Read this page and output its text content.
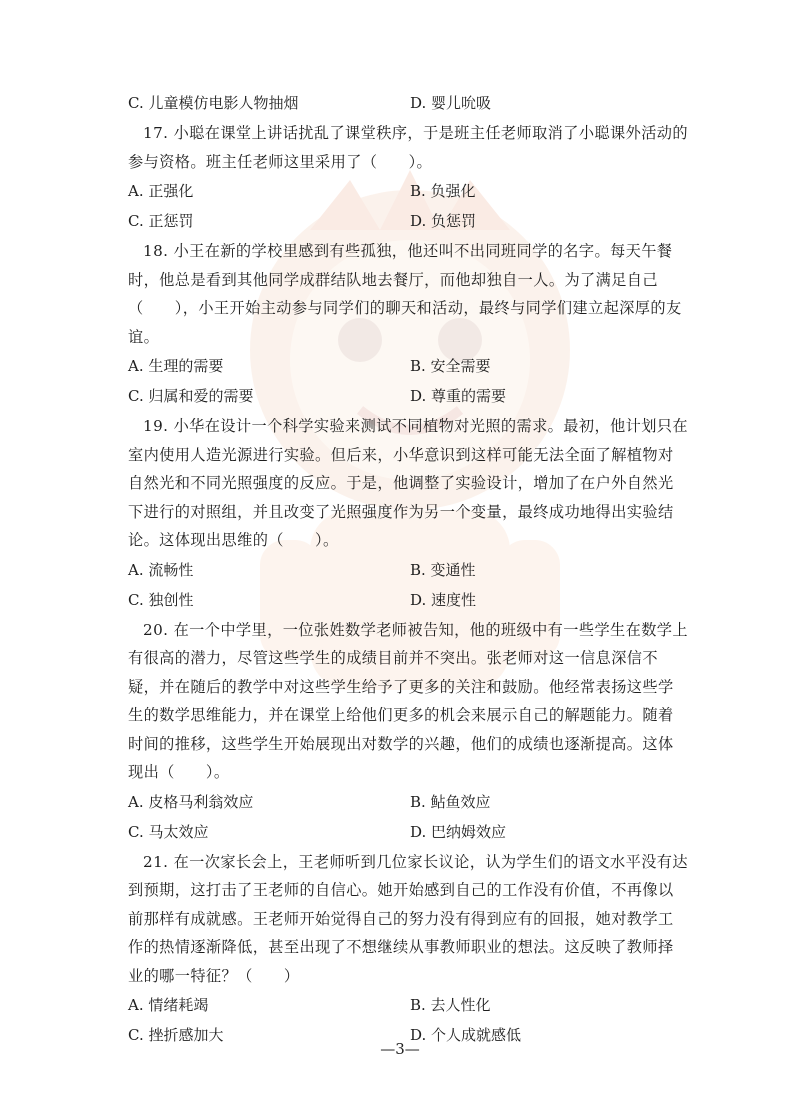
C. 儿童模仿电影人物抽烟	D. 婴儿吮吸
17. 小聪在课堂上讲话扰乱了课堂秩序，于是班主任老师取消了小聪课外活动的参与资格。班主任老师这里采用了（　　）。
A. 正强化	B. 负强化
C. 正惩罚	D. 负惩罚
18. 小王在新的学校里感到有些孤独，他还叫不出同班同学的名字。每天午餐时，他总是看到其他同学成群结队地去餐厅，而他却独自一人。为了满足自己（　　），小王开始主动参与同学们的聊天和活动，最终与同学们建立起深厚的友谊。
A. 生理的需要	B. 安全需要
C. 归属和爱的需要	D. 尊重的需要
19. 小华在设计一个科学实验来测试不同植物对光照的需求。最初，他计划只在室内使用人造光源进行实验。但后来，小华意识到这样可能无法全面了解植物对自然光和不同光照强度的反应。于是，他调整了实验设计，增加了在户外自然光下进行的对照组，并且改变了光照强度作为另一个变量，最终成功地得出实验结论。这体现出思维的（　　）。
A. 流畅性	B. 变通性
C. 独创性	D. 速度性
20. 在一个中学里，一位张姓数学老师被告知，他的班级中有一些学生在数学上有很高的潜力，尽管这些学生的成绩目前并不突出。张老师对这一信息深信不疑，并在随后的教学中对这些学生给予了更多的关注和鼓励。他经常表扬这些学生的数学思维能力，并在课堂上给他们更多的机会来展示自己的解题能力。随着时间的推移，这些学生开始展现出对数学的兴趣，他们的成绩也逐渐提高。这体现出（　　）。
A. 皮格马利翁效应	B. 鲇鱼效应
C. 马太效应	D. 巴纳姆效应
21. 在一次家长会上，王老师听到几位家长议论，认为学生们的语文水平没有达到预期，这打击了王老师的自信心。她开始感到自己的工作没有价值，不再像以前那样有成就感。王老师开始觉得自己的努力没有得到应有的回报，她对教学工作的热情逐渐降低，甚至出现了不想继续从事教师职业的想法。这反映了教师择业的哪一特征？（　　）
A. 情绪耗竭	B. 去人性化
C. 挫折感加大	D. 个人成就感低
—3—
